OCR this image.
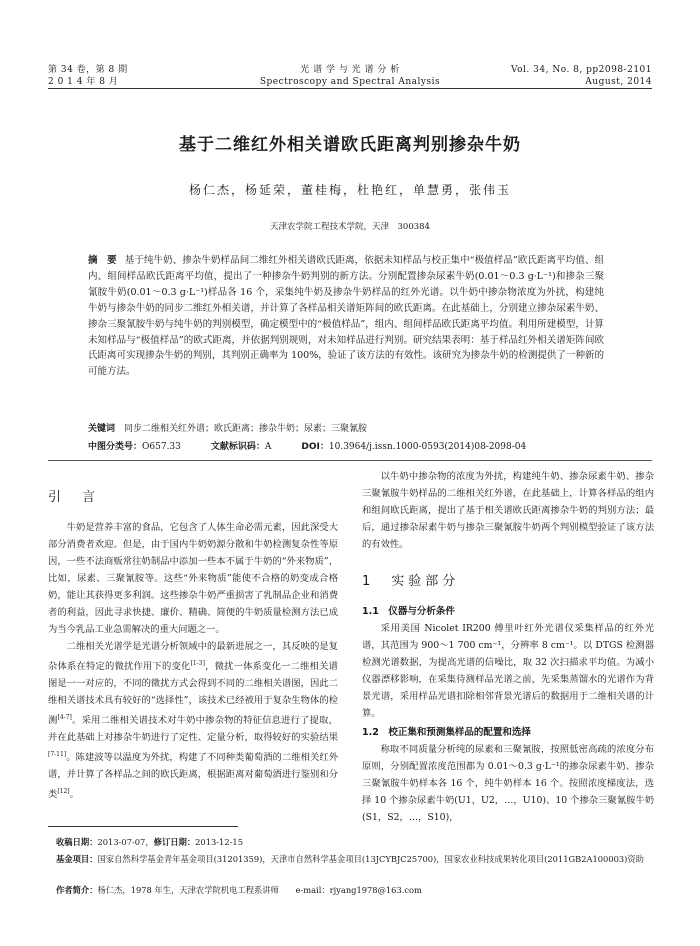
第 34 卷，第 8 期
2 0 1 4 年 8 月
光 谱 学 与 光 谱 分 析
Spectroscopy and Spectral Analysis
Vol. 34, No. 8, pp2098-2101
August, 2014
基于二维红外相关谱欧氏距离判别掺杂牛奶
杨仁杰，杨延荣，董桂梅，杜艳红，单慧勇，张伟玉
天津农学院工程技术学院，天津　300384
摘　要 基于纯牛奶、掺杂牛奶样品间二维红外相关谱欧氏距离，依据未知样品与校正集中“极值样品”欧氏距离平均值、组内、组间样品欧氏距离平均值，提出了一种掺杂牛奶判别的新方法。分别配置掺杂尿素牛奶(0.01～0.3 g·L⁻¹)和掺杂三聚氰胺牛奶(0.01～0.3 g·L⁻¹)样品各 16 个，采集纯牛奶及掺杂牛奶样品的红外光谱。以牛奶中掺杂物浓度为外扰，构建纯牛奶与掺杂牛奶的同步二维红外相关谱，并计算了各样品相关谱矩阵间的欧氏距离。在此基础上，分别建立掺杂尿素牛奶、掺杂三聚氰胺牛奶与纯牛奶的判别模型，确定模型中的“极值样品”，组内、组间样品欧氏距离平均值。利用所建模型，计算未知样品与“极值样品”的欧式距离，并依据判别规则，对未知样品进行判别。研究结果表明：基于样品红外相关谱矩阵间欧氏距离可实现掺杂牛奶的判别，其判别正确率为 100%，验证了该方法的有效性。该研究为掺杂牛奶的检测提供了一种新的可能方法。
关键词　 同步二维相关红外谱；欧氏距离；掺杂牛奶；尿素；三聚氰胺
中图分类号：O657.33	文献标识码：A	DOI：10.3964/j.issn.1000-0593(2014)08-2098-04
引　言

牛奶是营养丰富的食品，它包含了人体生命必需元素，因此深受大部分消费者欢迎。但是，由于国内牛奶奶源分散和牛奶检测复杂性等原因，一些不法商贩常往奶制品中添加一些本不属于牛奶的“外来物质”，比如，尿素、三聚氰胺等。这些“外来物质”能使不合格的奶变成合格奶，能让其获得更多利润。这些掺杂牛奶严重损害了乳制品企业和消费者的利益，因此寻求快捷、廉价、精确、简便的牛奶质量检测方法已成为当今乳品工业急需解决的重大问题之一。

二维相关光谱学是光谱分析领域中的最新进展之一，其反映的是复杂体系在特定的微扰作用下的变化[1-3]，微扰一体系变化一二维相关谱图是一一对应的，不同的微扰方式会得到不同的二维相关谱图，因此二维相关谱技术具有较好的“选择性”，该技术已经被用于复杂生物体的检测[4-7]。采用二维相关谱技术对牛奶中掺杂物的特征信息进行了提取，并在此基础上对掺杂牛奶进行了定性、定量分析，取得较好的实验结果[7-11]。陈建波等以温度为外扰，构建了不同种类葡萄酒的二维相关红外谱，并计算了各样品之间的欧氏距离，根据距离对葡萄酒进行鉴别和分类[12]。

以牛奶中掺杂物的浓度为外扰，构建纯牛奶、掺杂尿素牛奶、掺杂三聚氰胺牛奶样品的二维相关红外谱，在此基础上，计算各样品的组内和组间欧氏距离，提出了基于相关谱欧氏距离掺杂牛奶的判别方法；最后，通过掺杂尿素牛奶与掺杂三聚氰胺牛奶两个判别模型验证了该方法的有效性。

1　实验部分
1.1　仪器与分析条件

采用美国 Nicolet IR200 傅里叶红外光谱仪采集样品的红外光谱，其范围为 900～1 700 cm⁻¹，分辨率 8 cm⁻¹。以 DTGS 检测器检测光谱数据，为提高光谱的信噪比，取 32 次扫描求平均值。为减小仪器漂移影响，在采集待测样品光谱之前，先采集蒸馏水的光谱作为背景光谱，采用样品光谱扣除相邻背景光谱后的数据用于二维相关谱的计算。

1.2　校正集和预测集样品的配置和选择

称取不同质量分析纯的尿素和三聚氰胺，按照低密高疏的浓度分布原则，分别配置浓度范围都为 0.01～0.3 g·L⁻¹的掺杂尿素牛奶、掺杂三聚氰胺牛奶样本各 16 个，纯牛奶样本 16 个。按照浓度梯度法，选择 10 个掺杂尿素牛奶(U1，U2，…，U10)、10 个掺杂三聚氰胺牛奶(S1，S2，…，S10)，

收稿日期：2013-07-07，修订日期：2013-12-15
基金项目：国家自然科学基金青年基金项目(31201359)，天津市自然科学基金项目(13JCYBJC25700)，国家农业科技成果转化项目(2011GB2A100003)资助
作者简介：杨仁杰，1978 年生，天津农学院机电工程系讲师　　 e-mail：rjyang1978@163.com
